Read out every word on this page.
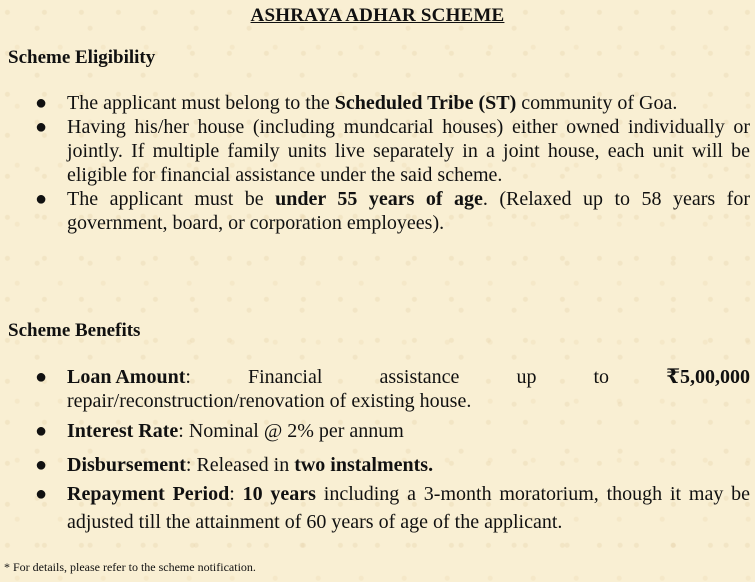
ASHRAYA ADHAR SCHEME
Scheme Eligibility
● The applicant must belong to the Scheduled Tribe (ST) community of Goa.
● Having his/her house (including mundcarial houses) either owned individually or jointly. If multiple family units live separately in a joint house, each unit will be eligible for financial assistance under the said scheme.
● The applicant must be under 55 years of age. (Relaxed up to 58 years for government, board, or corporation employees).
Scheme Benefits
● Loan Amount:	Financial	assistance	up	to	₹5,00,000
repair/reconstruction/renovation of existing house.
● Interest Rate: Nominal @ 2% per annum
● Disbursement: Released in two instalments.
● Repayment Period: 10 years including a 3-month moratorium, though it may be adjusted till the attainment of 60 years of age of the applicant.
* For details, please refer to the scheme notification.
